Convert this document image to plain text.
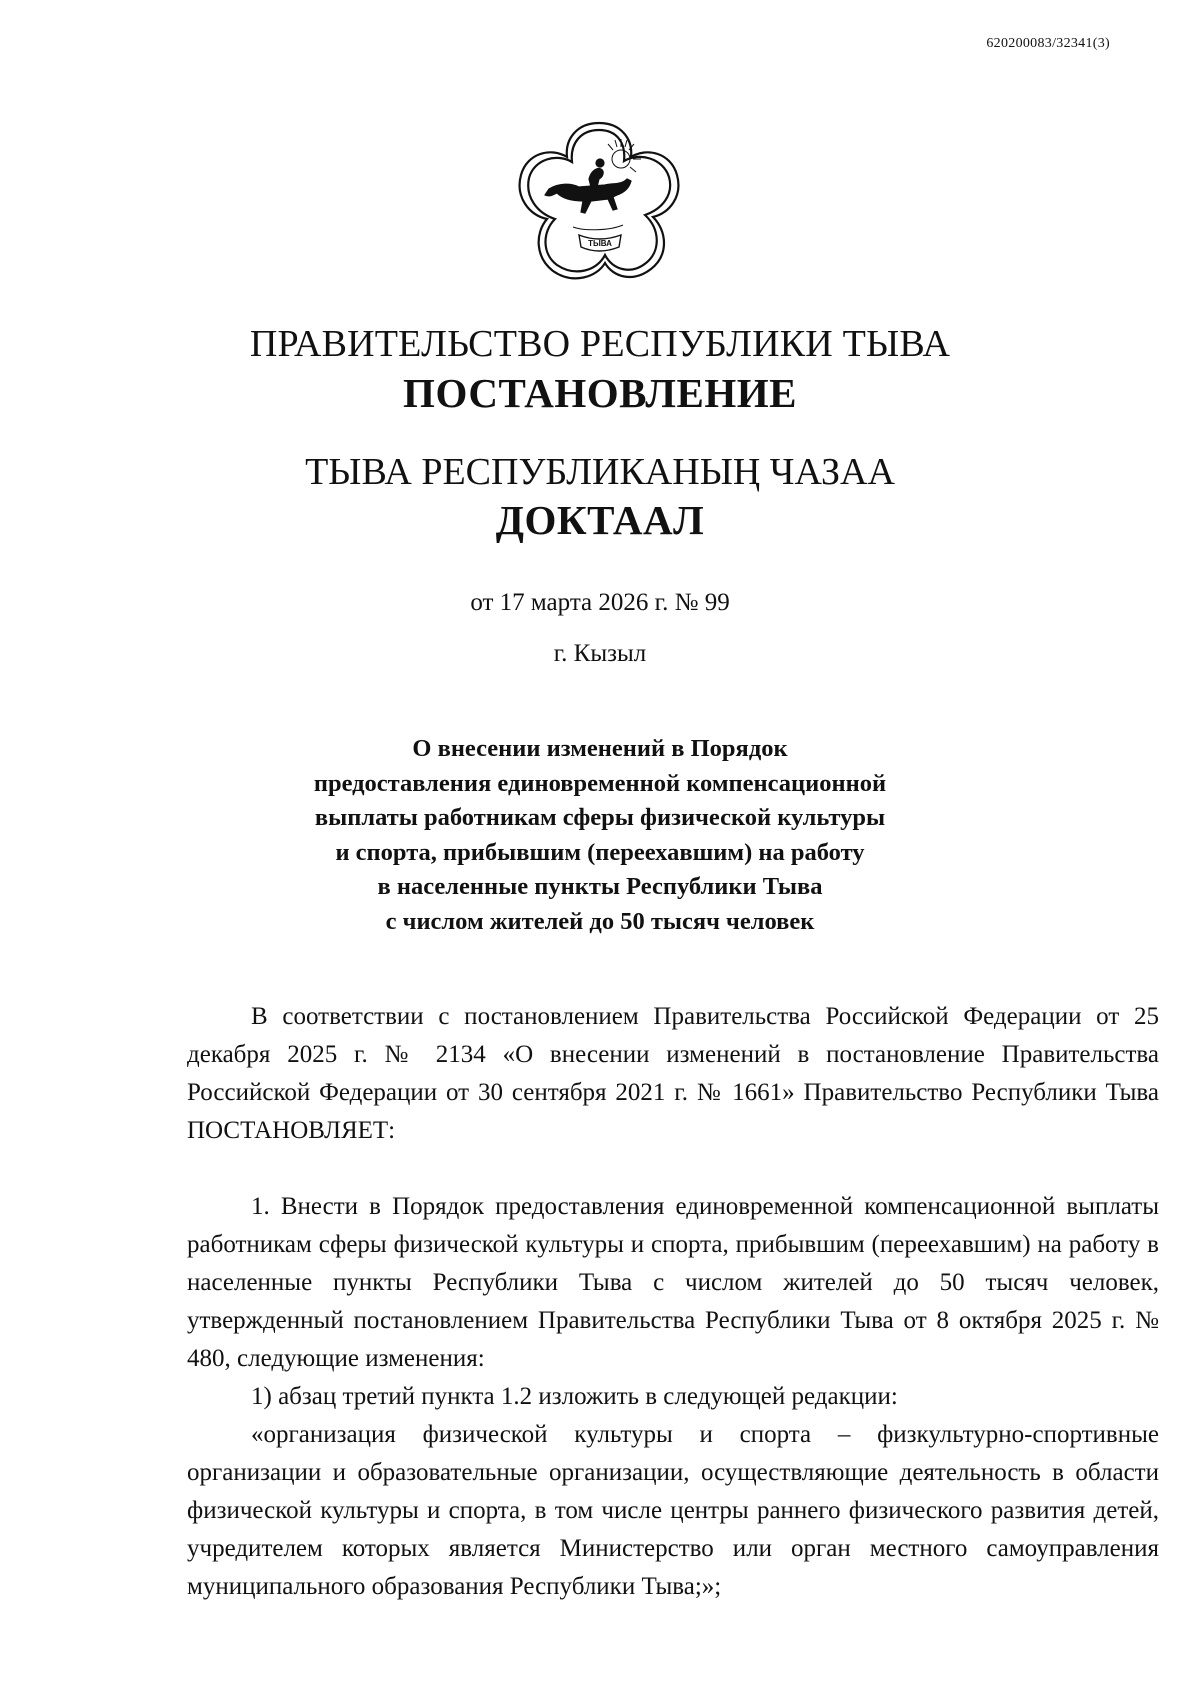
620200083/32341(3)
ТЫВА
ПРАВИТЕЛЬСТВО РЕСПУБЛИКИ ТЫВА
ПОСТАНОВЛЕНИЕ
ТЫВА РЕСПУБЛИКАНЫҢ ЧАЗАА
ДОКТААЛ
от 17 марта 2026 г. № 99
г. Кызыл
О внесении изменений в Порядок
предоставления единовременной компенсационной
выплаты работникам сферы физической культуры
и спорта, прибывшим (переехавшим) на работу
в населенные пункты Республики Тыва
с числом жителей до 50 тысяч человек

В соответствии с постановлением Правительства Российской Федерации от 25 декабря 2025 г. № 2134 «О внесении изменений в постановление Правительства Российской Федерации от 30 сентября 2021 г. № 1661» Правительство Республики Тыва ПОСТАНОВЛЯЕТ:

1. Внести в Порядок предоставления единовременной компенсационной выплаты работникам сферы физической культуры и спорта, прибывшим (переехавшим) на работу в населенные пункты Республики Тыва с числом жителей до 50 тысяч человек, утвержденный постановлением Правительства Республики Тыва от 8 октября 2025 г. № 480, следующие изменения:

1) абзац третий пункта 1.2 изложить в следующей редакции:

«организация физической культуры и спорта – физкультурно-спортивные организации и образовательные организации, осуществляющие деятельность в области физической культуры и спорта, в том числе центры раннего физического развития детей, учредителем которых является Министерство или орган местного самоуправления муниципального образования Республики Тыва;»;
